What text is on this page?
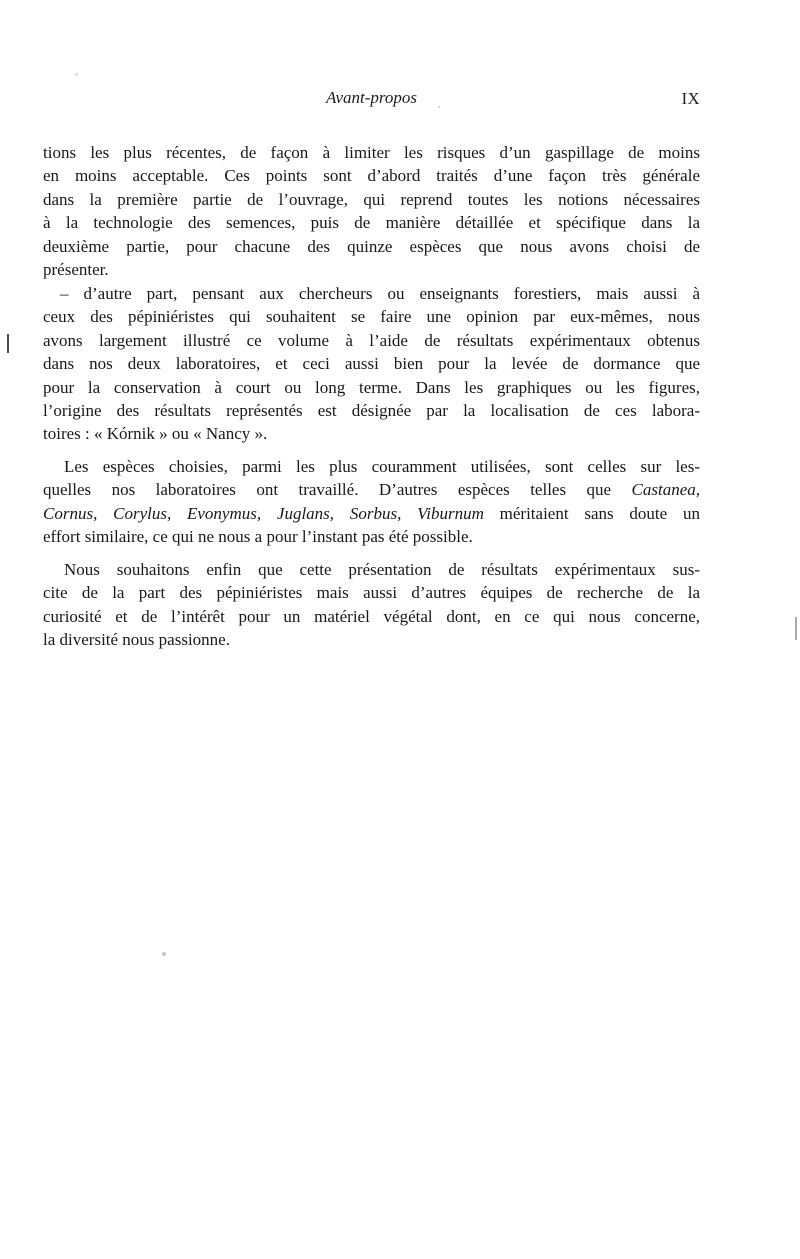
Avant-propos	IX

tions les plus récentes, de façon à limiter les risques d’un gaspillage de moins
en moins acceptable. Ces points sont d’abord traités d’une façon très générale
dans la première partie de l’ouvrage, qui reprend toutes les notions nécessaires
à la technologie des semences, puis de manière détaillée et spécifique dans la
deuxième partie, pour chacune des quinze espèces que nous avons choisi de
présenter.

– d’autre part, pensant aux chercheurs ou enseignants forestiers, mais aussi à
ceux des pépiniéristes qui souhaitent se faire une opinion par eux-mêmes, nous
avons largement illustré ce volume à l’aide de résultats expérimentaux obtenus
dans nos deux laboratoires, et ceci aussi bien pour la levée de dormance que
pour la conservation à court ou long terme. Dans les graphiques ou les figures,
l’origine des résultats représentés est désignée par la localisation de ces labora-
toires : « Kórnik » ou « Nancy ».

Les espèces choisies, parmi les plus couramment utilisées, sont celles sur les-
quelles nos laboratoires ont travaillé. D’autres espèces telles que Castanea,
Cornus, Corylus, Evonymus, Juglans, Sorbus, Viburnum méritaient sans doute un
effort similaire, ce qui ne nous a pour l’instant pas été possible.

Nous souhaitons enfin que cette présentation de résultats expérimentaux sus-
cite de la part des pépiniéristes mais aussi d’autres équipes de recherche de la
curiosité et de l’intérêt pour un matériel végétal dont, en ce qui nous concerne,
la diversité nous passionne.
